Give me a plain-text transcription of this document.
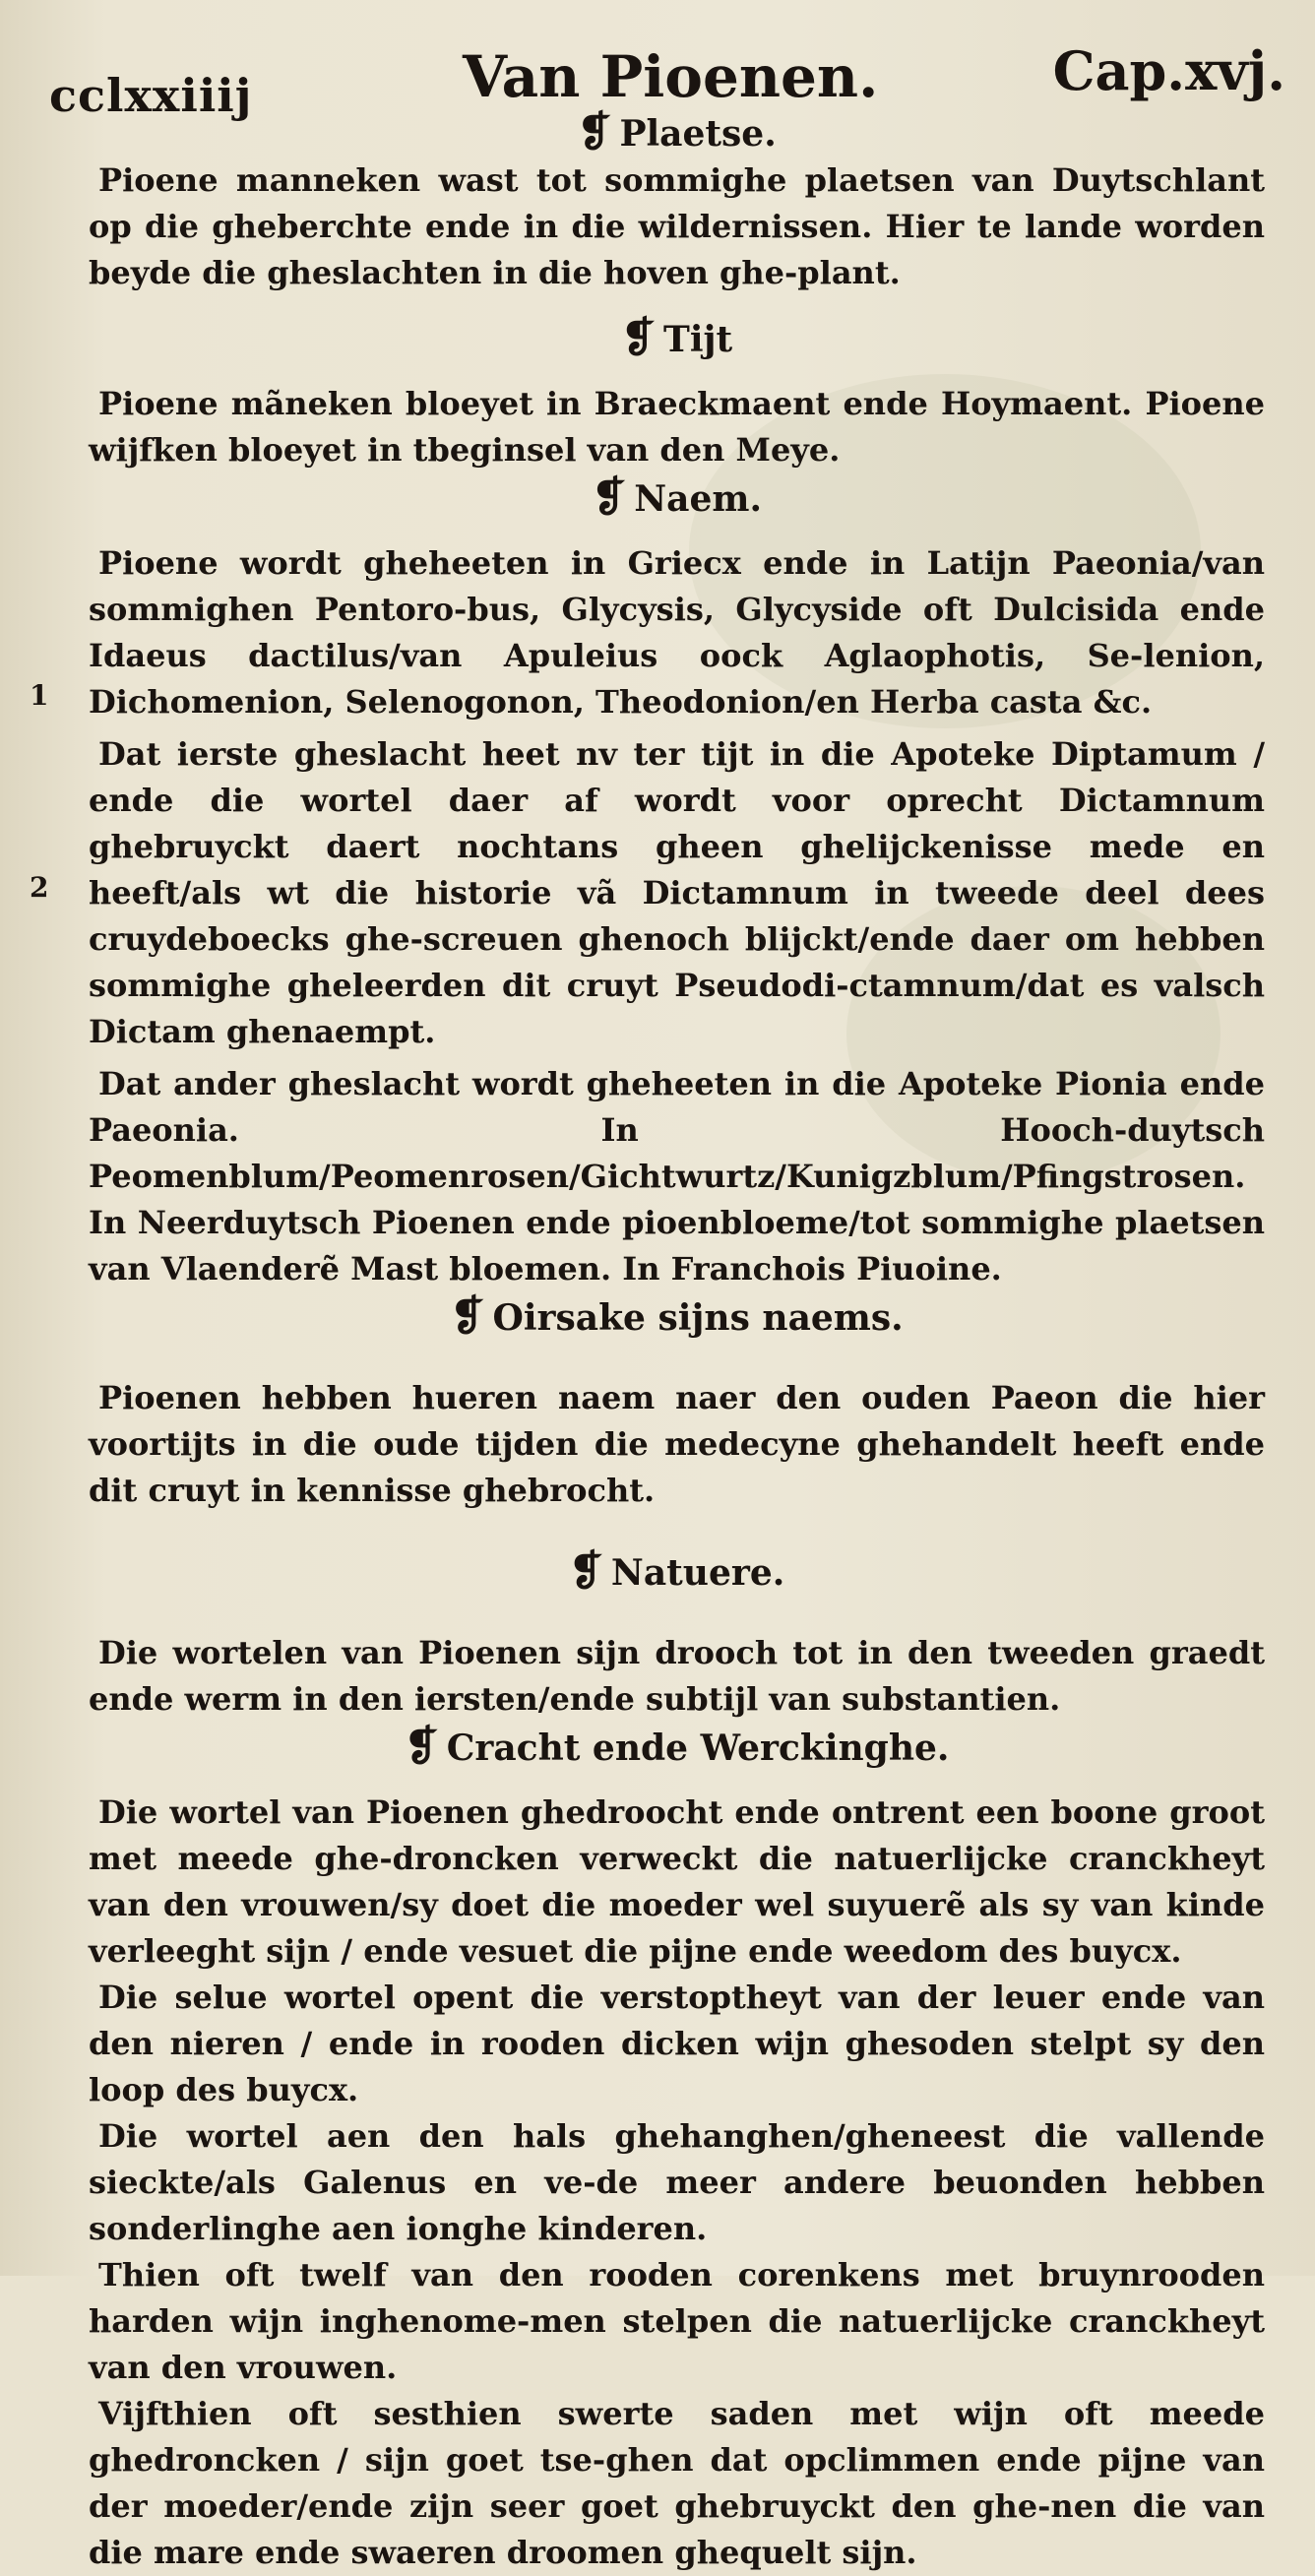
cclxxiiij	Van Pioenen.	Cap.xvj.
1
2
❡ Plaetse.

Pioene manneken wast tot sommighe plaetsen van Duytschlant op die gheberchte ende in die wildernissen. Hier te lande worden beyde die gheslachten in die hoven ghe-plant.

❡ Tijt

Pioene mãneken bloeyet in Braeckmaent ende Hoymaent. Pioene wijfken bloeyet in tbeginsel van den Meye.

❡ Naem.

Pioene wordt gheheeten in Griecx ende in Latijn Paeonia/van sommighen Pentoro-bus, Glycysis, Glycyside oft Dulcisida ende Idaeus dactilus/van Apuleius oock Aglaophotis, Se-lenion, Dichomenion, Selenogonon, Theodonion/en Herba casta &c.

Dat ierste gheslacht heet nv ter tijt in die Apoteke Diptamum / ende die wortel daer af wordt voor oprecht Dictamnum ghebruyckt daert nochtans gheen ghelijckenisse mede en heeft/als wt die historie vã Dictamnum in tweede deel dees cruydeboecks ghe-screuen ghenoch blijckt/ende daer om hebben sommighe gheleerden dit cruyt Pseudodi-ctamnum/dat es valsch Dictam ghenaempt.

Dat ander gheslacht wordt gheheeten in die Apoteke Pionia ende Paeonia. In Hooch-duytsch Peomenblum/Peomenrosen/Gichtwurtz/Kunigzblum/Pfingstrosen. In Neerduytsch Pioenen ende pioenbloeme/tot sommighe plaetsen van Vlaenderẽ Mast bloemen. In Franchois Piuoine.

❡ Oirsake sijns naems.

Pioenen hebben hueren naem naer den ouden Paeon die hier voortijts in die oude tijden die medecyne ghehandelt heeft ende dit cruyt in kennisse ghebrocht.

❡ Natuere.

Die wortelen van Pioenen sijn drooch tot in den tweeden graedt ende werm in den iersten/ende subtijl van substantien.

❡ Cracht ende Werckinghe.

Die wortel van Pioenen ghedroocht ende ontrent een boone groot met meede ghe-droncken verweckt die natuerlijcke cranckheyt van den vrouwen/sy doet die moeder wel suyuerẽ als sy van kinde verleeght sijn / ende vesuet die pijne ende weedom des buycx.

Die selue wortel opent die verstoptheyt van der leuer ende van den nieren / ende in rooden dicken wijn ghesoden stelpt sy den loop des buycx.

Die wortel aen den hals ghehanghen/gheneest die vallende sieckte/als Galenus en ve-de meer andere beuonden hebben sonderlinghe aen ionghe kinderen.

Thien oft twelf van den rooden corenkens met bruynrooden harden wijn inghenome-men stelpen die natuerlijcke cranckheyt van den vrouwen.

Vijfthien oft sesthien swerte saden met wijn oft meede ghedroncken / sijn goet tse-ghen dat opclimmen ende pijne van der moeder/ende zijn seer goet ghebruyckt den ghe-nen die van die mare ende swaeren droomen ghequelt sijn.
